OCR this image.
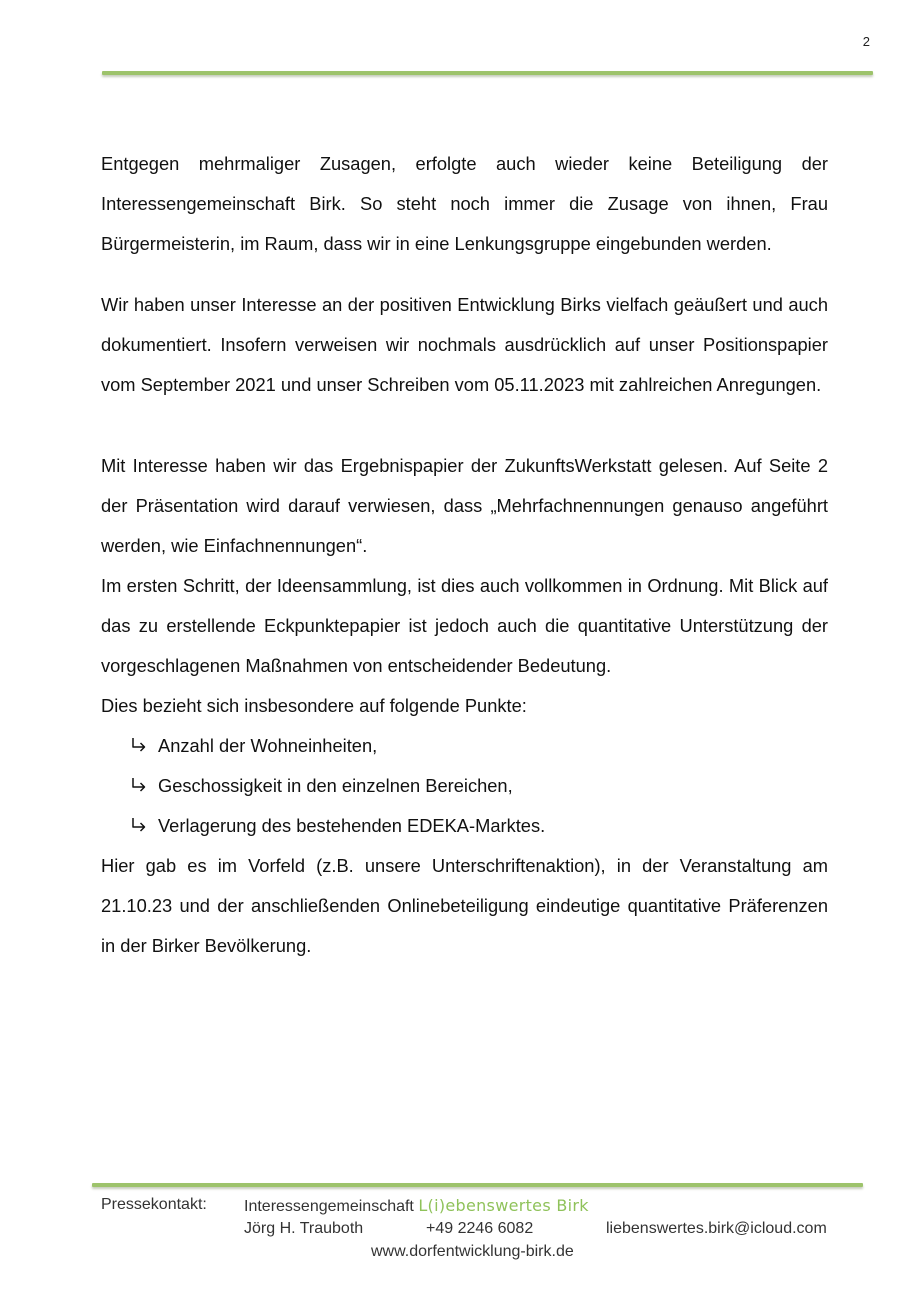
2

Entgegen mehrmaliger Zusagen, erfolgte auch wieder keine Beteiligung der Interessengemeinschaft Birk. So steht noch immer die Zusage von ihnen, Frau Bürgermeisterin, im Raum, dass wir in eine Lenkungsgruppe eingebunden werden.

Wir haben unser Interesse an der positiven Entwicklung Birks vielfach geäußert und auch dokumentiert. Insofern verweisen wir nochmals ausdrücklich auf unser Positionspapier vom September 2021 und unser Schreiben vom 05.11.2023 mit zahlreichen Anregungen.

Mit Interesse haben wir das Ergebnispapier der ZukunftsWerkstatt gelesen. Auf Seite 2 der Präsentation wird darauf verwiesen, dass „Mehrfachnennungen genauso angeführt werden, wie Einfachnennungen“.

Im ersten Schritt, der Ideensammlung, ist dies auch vollkommen in Ordnung. Mit Blick auf das zu erstellende Eckpunktepapier ist jedoch auch die quantitative Unterstützung der vorgeschlagenen Maßnahmen von entscheidender Bedeutung.

Dies bezieht sich insbesondere auf folgende Punkte:

Anzahl der Wohneinheiten,
Geschossigkeit in den einzelnen Bereichen,
Verlagerung des bestehenden EDEKA-Marktes.

Hier gab es im Vorfeld (z.B. unsere Unterschriftenaktion), in der Veranstaltung am 21.10.23 und der anschließenden Onlinebeteiligung eindeutige quantitative Präferenzen in der Birker Bevölkerung.

Pressekontakt: Interessengemeinschaft L(i)ebenswertes Birk
Jörg H. Trauboth	+49 2246 6082	liebenswertes.birk@icloud.com
www.dorfentwicklung-birk.de
